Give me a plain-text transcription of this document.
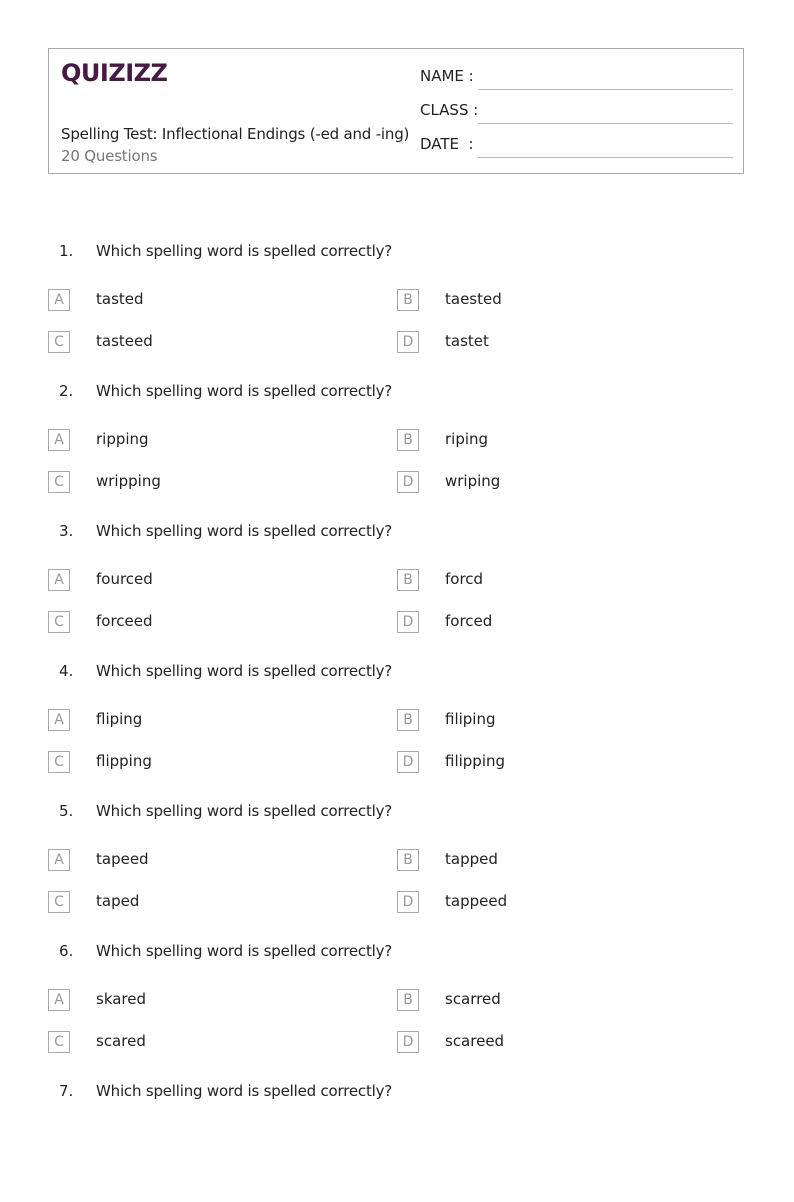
QUIZIZZ
Spelling Test: Inflectional Endings (-ed and -ing)
20 Questions
NAME :
CLASS :
DATE  :
1. Which spelling word is spelled correctly?
A	tasted	B	taested
C	tasteed	D	tastet
2. Which spelling word is spelled correctly?
A	ripping	B	riping
C	wripping	D	wriping
3. Which spelling word is spelled correctly?
A	fourced	B	forcd
C	forceed	D	forced
4. Which spelling word is spelled correctly?
A	fliping	B	filiping
C	flipping	D	filipping
5. Which spelling word is spelled correctly?
A	tapeed	B	tapped
C	taped	D	tappeed
6. Which spelling word is spelled correctly?
A	skared	B	scarred
C	scared	D	scareed
7. Which spelling word is spelled correctly?
